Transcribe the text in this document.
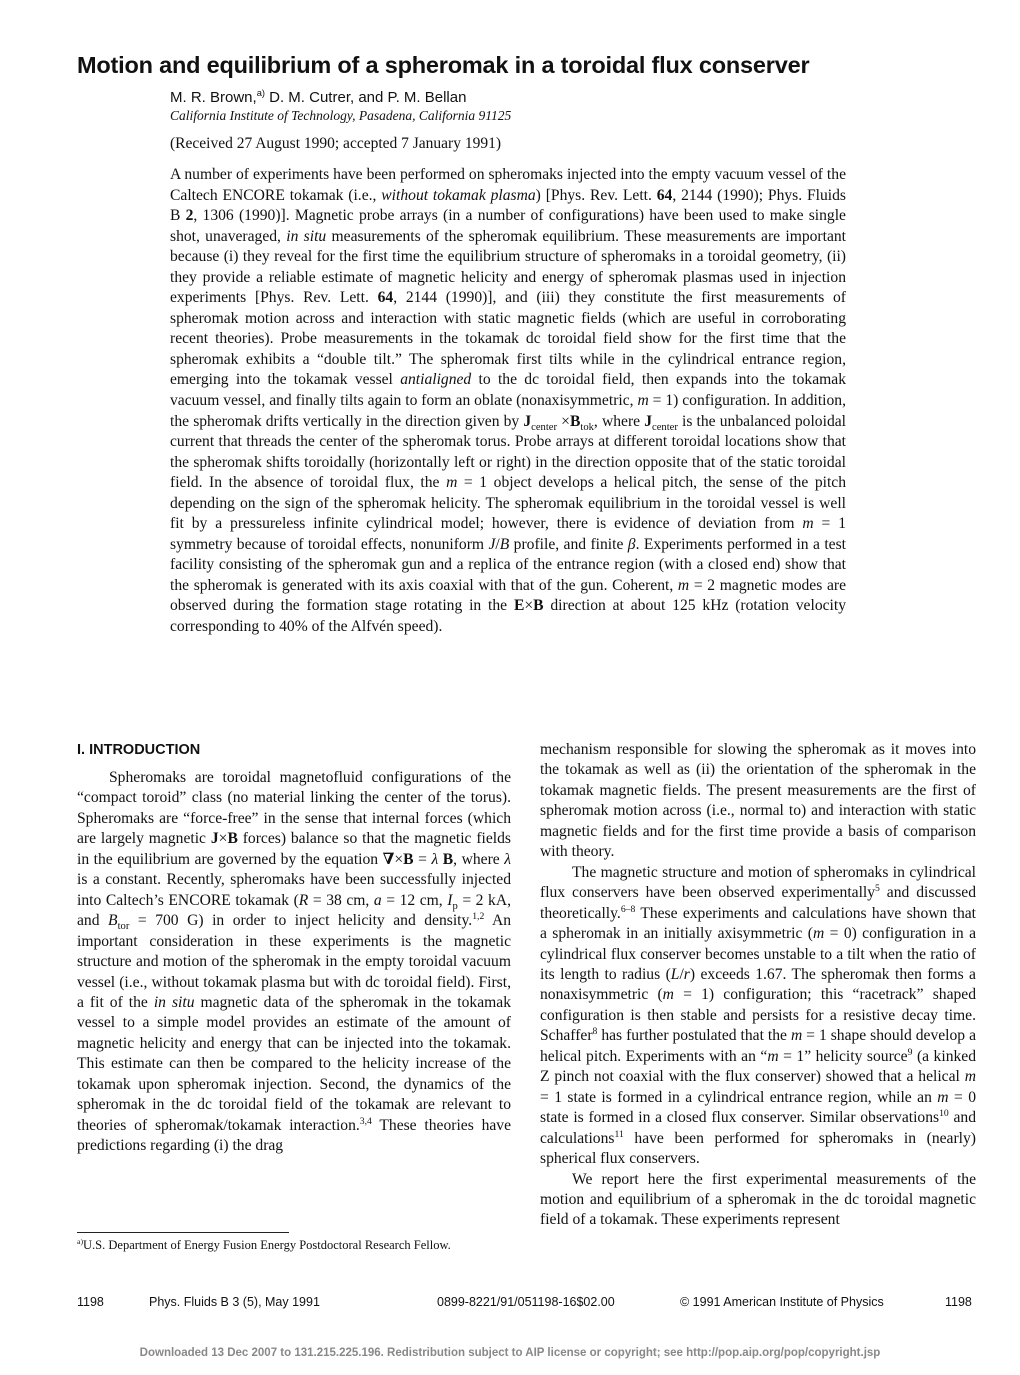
Motion and equilibrium of a spheromak in a toroidal flux conserver
M. R. Brown,$^{a)}$ D. M. Cutrer, and P. M. Bellan
California Institute of Technology, Pasadena, California 91125
(Received 27 August 1990; accepted 7 January 1991)

A number of experiments have been performed on spheromaks injected into the empty vacuum vessel of the Caltech ENCORE tokamak (i.e., without tokamak plasma) [Phys. Rev. Lett. 64, 2144 (1990); Phys. Fluids B 2, 1306 (1990)]. Magnetic probe arrays (in a number of configurations) have been used to make single shot, unaveraged, in situ measurements of the spheromak equilibrium. These measurements are important because (i) they reveal for the first time the equilibrium structure of spheromaks in a toroidal geometry, (ii) they provide a reliable estimate of magnetic helicity and energy of spheromak plasmas used in injection experiments [Phys. Rev. Lett. 64, 2144 (1990)], and (iii) they constitute the first measurements of spheromak motion across and interaction with static magnetic fields (which are useful in corroborating recent theories). Probe measurements in the tokamak dc toroidal field show for the first time that the spheromak exhibits a “double tilt.” The spheromak first tilts while in the cylindrical entrance region, emerging into the tokamak vessel antialigned to the dc toroidal field, then expands into the tokamak vacuum vessel, and finally tilts again to form an oblate (nonaxisymmetric, m = 1) configuration. In addition, the spheromak drifts vertically in the direction given by $J_{center} \times B_{tok}$, where $J_{center}$ is the unbalanced poloidal current that threads the center of the spheromak torus. Probe arrays at different toroidal locations show that the spheromak shifts toroidally (horizontally left or right) in the direction opposite that of the static toroidal field. In the absence of toroidal flux, the m = 1 object develops a helical pitch, the sense of the pitch depending on the sign of the spheromak helicity. The spheromak equilibrium in the toroidal vessel is well fit by a pressureless infinite cylindrical model; however, there is evidence of deviation from m = 1 symmetry because of toroidal effects, nonuniform J/B profile, and finite β. Experiments performed in a test facility consisting of the spheromak gun and a replica of the entrance region (with a closed end) show that the spheromak is generated with its axis coaxial with that of the gun. Coherent, m = 2 magnetic modes are observed during the formation stage rotating in the E×B direction at about 125 kHz (rotation velocity corresponding to 40% of the Alfvén speed).

I. INTRODUCTION

Spheromaks are toroidal magnetofluid configurations of the “compact toroid” class (no material linking the center of the torus). Spheromaks are “force-free” in the sense that internal forces (which are largely magnetic J×B forces) balance so that the magnetic fields in the equilibrium are governed by the equation ∇×B = λ B, where λ is a constant. Recently, spheromaks have been successfully injected into Caltech’s ENCORE tokamak (R = 38 cm, a = 12 cm, $I_p = 2$ kA, and $B_{tor} = 700$ G) in order to inject helicity and density.$^{1,2}$ An important consideration in these experiments is the magnetic structure and motion of the spheromak in the empty toroidal vacuum vessel (i.e., without tokamak plasma but with dc toroidal field). First, a fit of the in situ magnetic data of the spheromak in the tokamak vessel to a simple model provides an estimate of the amount of magnetic helicity and energy that can be injected into the tokamak. This estimate can then be compared to the helicity increase of the tokamak upon spheromak injection. Second, the dynamics of the spheromak in the dc toroidal field of the tokamak are relevant to theories of spheromak/tokamak interaction.$^{3,4}$ These theories have predictions regarding (i) the drag

mechanism responsible for slowing the spheromak as it moves into the tokamak as well as (ii) the orientation of the spheromak in the tokamak magnetic fields. The present measurements are the first of spheromak motion across (i.e., normal to) and interaction with static magnetic fields and for the first time provide a basis of comparison with theory.

The magnetic structure and motion of spheromaks in cylindrical flux conservers have been observed experimentally$^5$ and discussed theoretically.$^{6-8}$ These experiments and calculations have shown that a spheromak in an initially axisymmetric (m = 0) configuration in a cylindrical flux conserver becomes unstable to a tilt when the ratio of its length to radius (L/r) exceeds 1.67. The spheromak then forms a nonaxisymmetric (m = 1) configuration; this “racetrack” shaped configuration is then stable and persists for a resistive decay time. Schaffer$^8$ has further postulated that the m = 1 shape should develop a helical pitch. Experiments with an “m = 1” helicity source$^9$ (a kinked Z pinch not coaxial with the flux conserver) showed that a helical m = 1 state is formed in a cylindrical entrance region, while an m = 0 state is formed in a closed flux conserver. Similar observations$^{10}$ and calculations$^{11}$ have been performed for spheromaks in (nearly) spherical flux conservers.

We report here the first experimental measurements of the motion and equilibrium of a spheromak in the dc toroidal magnetic field of a tokamak. These experiments represent

$^{a)}$U.S. Department of Energy Fusion Energy Postdoctoral Research Fellow.
1198	Phys. Fluids B 3 (5), May 1991	0899-8221/91/051198-16$02.00	© 1991 American Institute of Physics	1198
Downloaded 13 Dec 2007 to 131.215.225.196. Redistribution subject to AIP license or copyright; see http://pop.aip.org/pop/copyright.jsp
